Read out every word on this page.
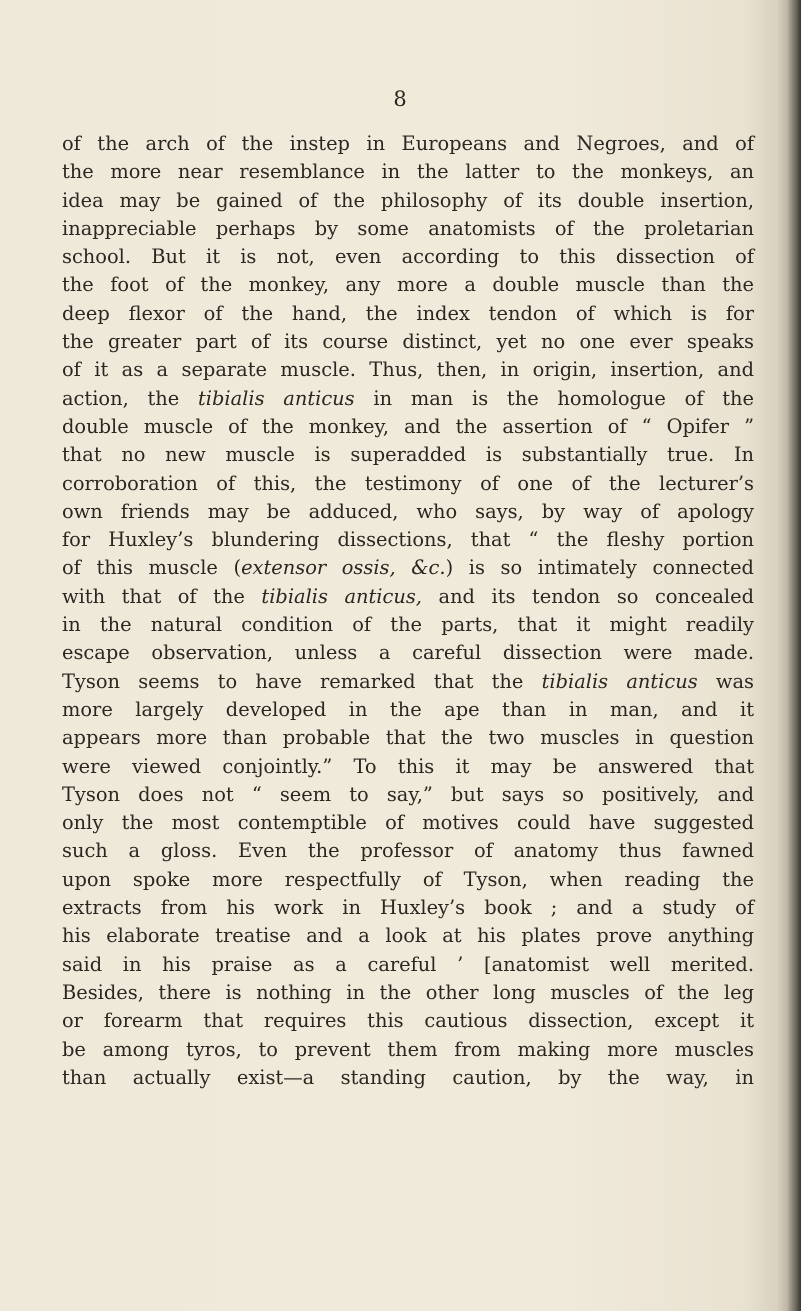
8
of the arch of the instep in Europeans and Negroes, and of
the more near resemblance in the latter to the monkeys, an
idea may be gained of the philosophy of its double insertion,
inappreciable perhaps by some anatomists of the proletarian
school. But it is not, even according to this dissection of
the foot of the monkey, any more a double muscle than the
deep flexor of the hand, the index tendon of which is for
the greater part of its course distinct, yet no one ever speaks
of it as a separate muscle. Thus, then, in origin, insertion, and
action, the tibialis anticus in man is the homologue of the
double muscle of the monkey, and the assertion of “ Opifer ”
that no new muscle is superadded is substantially true. In
corroboration of this, the testimony of one of the lecturer’s
own friends may be adduced, who says, by way of apology
for Huxley’s blundering dissections, that “ the fleshy portion
of this muscle (extensor ossis, &c.) is so intimately connected
with that of the tibialis anticus, and its tendon so concealed
in the natural condition of the parts, that it might readily
escape observation, unless a careful dissection were made.
Tyson seems to have remarked that the tibialis anticus was
more largely developed in the ape than in man, and it
appears more than probable that the two muscles in question
were viewed conjointly.” To this it may be answered that
Tyson does not “ seem to say,” but says so positively, and
only the most contemptible of motives could have suggested
such a gloss. Even the professor of anatomy thus fawned
upon spoke more respectfully of Tyson, when reading the
extracts from his work in Huxley’s book ; and a study of
his elaborate treatise and a look at his plates prove anything
said in his praise as a careful ’ [anatomist well merited.
Besides, there is nothing in the other long muscles of the leg
or forearm that requires this cautious dissection, except it
be among tyros, to prevent them from making more muscles
than actually exist—a standing caution, by the way, in
